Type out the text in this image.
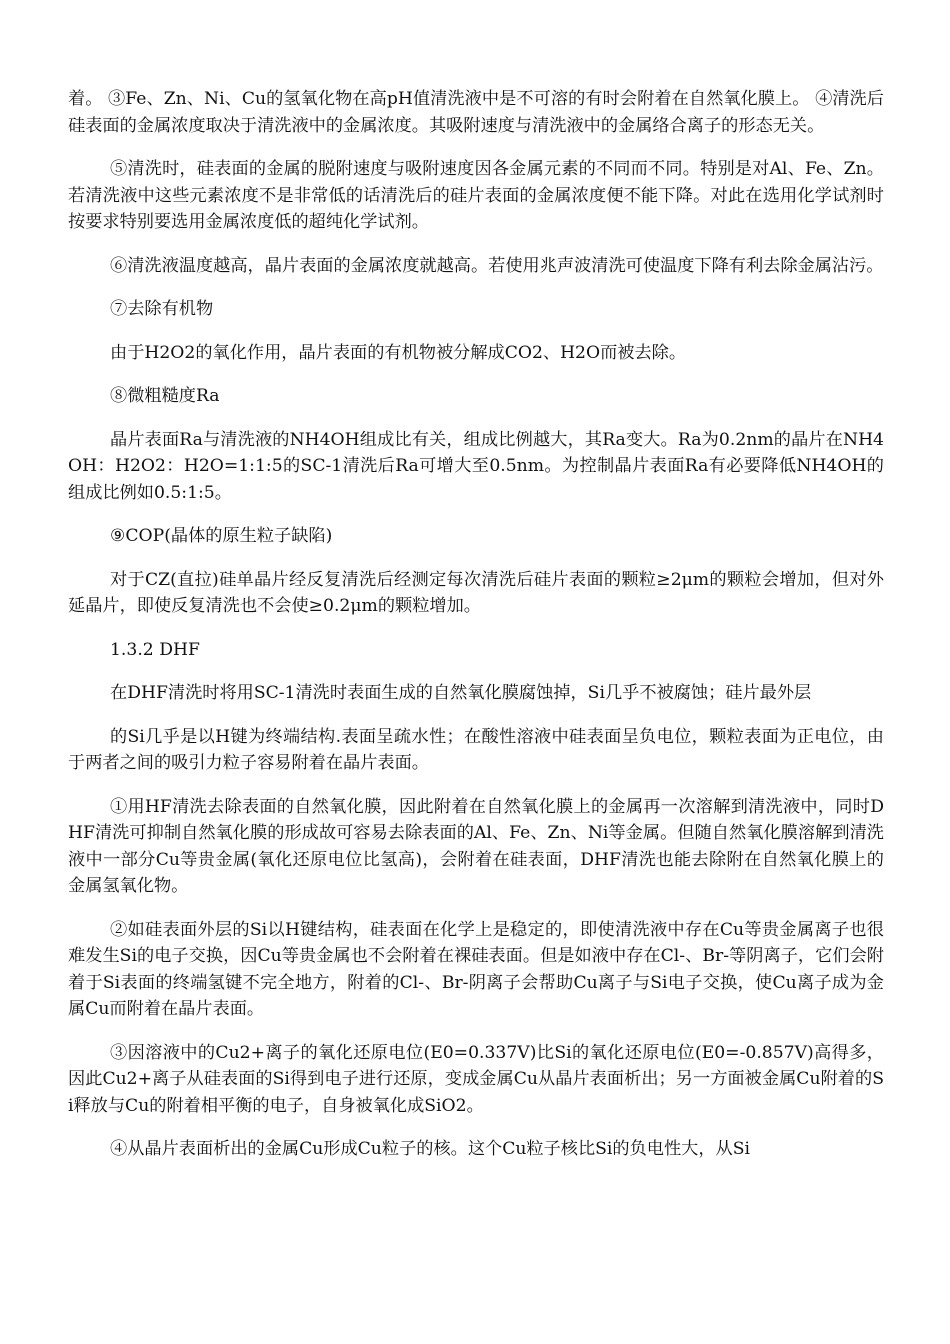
着。 ③Fe、Zn、Ni、Cu的氢氧化物在高pH值清洗液中是不可溶的有时会附着在自然氧化膜上。 ④清洗后硅表面的金属浓度取决于清洗液中的金属浓度。其吸附速度与清洗液中的金属络合离子的形态无关。

⑤清洗时，硅表面的金属的脱附速度与吸附速度因各金属元素的不同而不同。特别是对Al、Fe、Zn。若清洗液中这些元素浓度不是非常低的话清洗后的硅片表面的金属浓度便不能下降。对此在选用化学试剂时按要求特别要选用金属浓度低的超纯化学试剂。

⑥清洗液温度越高，晶片表面的金属浓度就越高。若使用兆声波清洗可使温度下降有利去除金属沾污。

⑦去除有机物

由于H2O2的氧化作用，晶片表面的有机物被分解成CO2、H2O而被去除。

⑧微粗糙度Ra

晶片表面Ra与清洗液的NH4OH组成比有关，组成比例越大，其Ra变大。Ra为0.2nm的晶片在NH4OH：H2O2：H2O=1:1:5的SC-1清洗后Ra可增大至0.5nm。为控制晶片表面Ra有必要降低NH4OH的组成比例如0.5:1:5。

⑨COP(晶体的原生粒子缺陷)

对于CZ(直拉)硅单晶片经反复清洗后经测定每次清洗后硅片表面的颗粒≥2μm的颗粒会增加，但对外延晶片，即使反复清洗也不会使≥0.2μm的颗粒增加。

1.3.2 DHF

在DHF清洗时将用SC-1清洗时表面生成的自然氧化膜腐蚀掉，Si几乎不被腐蚀；硅片最外层

的Si几乎是以H键为终端结构.表面呈疏水性；在酸性溶液中硅表面呈负电位，颗粒表面为正电位，由于两者之间的吸引力粒子容易附着在晶片表面。

①用HF清洗去除表面的自然氧化膜，因此附着在自然氧化膜上的金属再一次溶解到清洗液中，同时DHF清洗可抑制自然氧化膜的形成故可容易去除表面的Al、Fe、Zn、Ni等金属。但随自然氧化膜溶解到清洗液中一部分Cu等贵金属(氧化还原电位比氢高)，会附着在硅表面，DHF清洗也能去除附在自然氧化膜上的金属氢氧化物。

②如硅表面外层的Si以H键结构，硅表面在化学上是稳定的，即使清洗液中存在Cu等贵金属离子也很难发生Si的电子交换，因Cu等贵金属也不会附着在裸硅表面。但是如液中存在Cl-、Br-等阴离子，它们会附着于Si表面的终端氢键不完全地方，附着的Cl-、Br-阴离子会帮助Cu离子与Si电子交换，使Cu离子成为金属Cu而附着在晶片表面。

③因溶液中的Cu2+离子的氧化还原电位(E0=0.337V)比Si的氧化还原电位(E0=-0.857V)高得多，因此Cu2+离子从硅表面的Si得到电子进行还原，变成金属Cu从晶片表面析出；另一方面被金属Cu附着的Si释放与Cu的附着相平衡的电子，自身被氧化成SiO2。

④从晶片表面析出的金属Cu形成Cu粒子的核。这个Cu粒子核比Si的负电性大，从Si
